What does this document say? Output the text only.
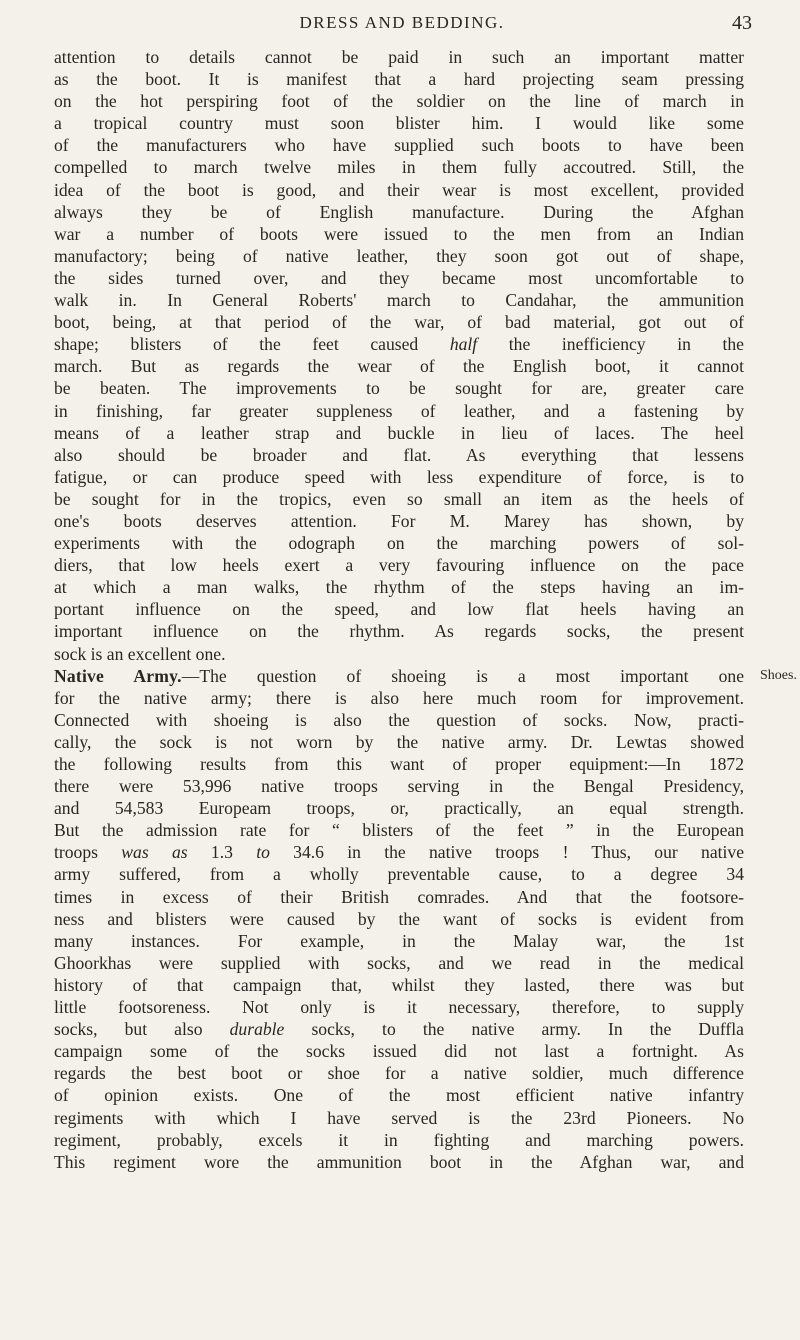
DRESS AND BEDDING.	43
attention to details cannot be paid in such an important matter
as the boot. It is manifest that a hard projecting seam pressing
on the hot perspiring foot of the soldier on the line of march in
a tropical country must soon blister him. I would like some
of the manufacturers who have supplied such boots to have been
compelled to march twelve miles in them fully accoutred. Still, the
idea of the boot is good, and their wear is most excellent, provided
always they be of English manufacture. During the Afghan
war a number of boots were issued to the men from an Indian
manufactory; being of native leather, they soon got out of shape,
the sides turned over, and they became most uncomfortable to
walk in. In General Roberts' march to Candahar, the ammunition
boot, being, at that period of the war, of bad material, got out of
shape; blisters of the feet caused half the inefficiency in the
march. But as regards the wear of the English boot, it cannot
be beaten. The improvements to be sought for are, greater care
in finishing, far greater suppleness of leather, and a fastening by
means of a leather strap and buckle in lieu of laces. The heel
also should be broader and flat. As everything that lessens
fatigue, or can produce speed with less expenditure of force, is to
be sought for in the tropics, even so small an item as the heels of
one's boots deserves attention. For M. Marey has shown, by
experiments with the odograph on the marching powers of sol-
diers, that low heels exert a very favouring influence on the pace
at which a man walks, the rhythm of the steps having an im-
portant influence on the speed, and low flat heels having an
important influence on the rhythm. As regards socks, the present
sock is an excellent one.
Native Army.—The question of shoeing is a most important one
for the native army; there is also here much room for improvement.
Connected with shoeing is also the question of socks. Now, practi-
cally, the sock is not worn by the native army. Dr. Lewtas showed
the following results from this want of proper equipment:—In 1872
there were 53,996 native troops serving in the Bengal Presidency,
and 54,583 Europeam troops, or, practically, an equal strength.
But the admission rate for “ blisters of the feet ” in the European
troops was as 1.3 to 34.6 in the native troops ! Thus, our native
army suffered, from a wholly preventable cause, to a degree 34
times in excess of their British comrades. And that the footsore-
ness and blisters were caused by the want of socks is evident from
many instances. For example, in the Malay war, the 1st
Ghoorkhas were supplied with socks, and we read in the medical
history of that campaign that, whilst they lasted, there was but
little footsoreness. Not only is it necessary, therefore, to supply
socks, but also durable socks, to the native army. In the Duffla
campaign some of the socks issued did not last a fortnight. As
regards the best boot or shoe for a native soldier, much difference
of opinion exists. One of the most efficient native infantry
regiments with which I have served is the 23rd Pioneers. No
regiment, probably, excels it in fighting and marching powers.
This regiment wore the ammunition boot in the Afghan war, and
Shoes.
